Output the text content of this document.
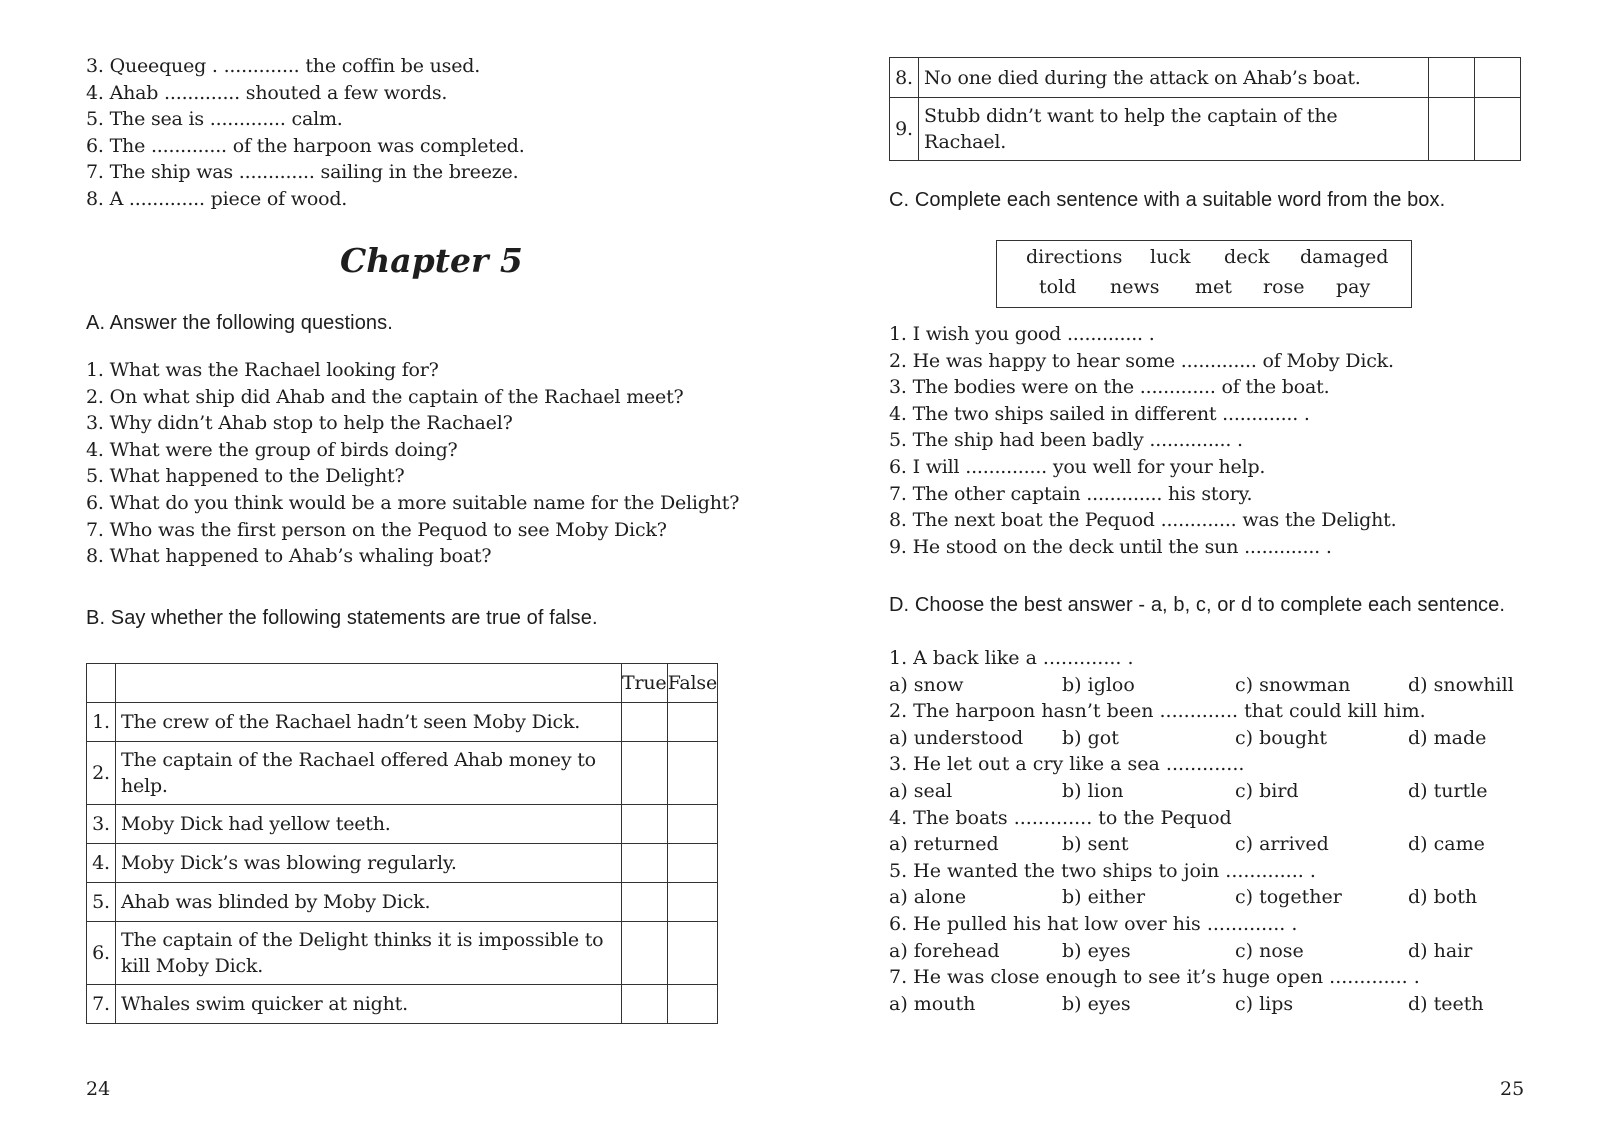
3. Queequeg . ............. the coffin be used.
4. Ahab ............. shouted a few words.
5. The sea is ............. calm.
6. The ............. of the harpoon was completed.
7. The ship was ............. sailing in the breeze.
8. A ............. piece of wood.
Chapter 5
A. Answer the following questions.
1. What was the Rachael looking for?
2. On what ship did Ahab and the captain of the Rachael meet?
3. Why didn’t Ahab stop to help the Rachael?
4. What were the group of birds doing?
5. What happened to the Delight?
6. What do you think would be a more suitable name for the Delight?
7. Who was the first person on the Pequod to see Moby Dick?
8. What happened to Ahab’s whaling boat?
B. Say whether the following statements are true of false.
		True	False
1.	The crew of the Rachael hadn’t seen Moby Dick.		
2.	The captain of the Rachael offered Ahab money to help.		
3.	Moby Dick had yellow teeth.		
4.	Moby Dick’s was blowing regularly.		
5.	Ahab was blinded by Moby Dick.		
6.	The captain of the Delight thinks it is impossible to kill Moby Dick.		
7.	Whales swim quicker at night.		
24
8.	No one died during the attack on Ahab’s boat.		
9.	Stubb didn’t want to help the captain of the Rachael.		
C. Complete each sentence with a suitable word from the box.
directions luck deck damaged
told news met rose pay
1. I wish you good ............. .
2. He was happy to hear some ............. of Moby Dick.
3. The bodies were on the ............. of the boat.
4. The two ships sailed in different ............. .
5. The ship had been badly .............. .
6. I will .............. you well for your help.
7. The other captain ............. his story.
8. The next boat the Pequod ............. was the Delight.
9. He stood on the deck until the sun ............. .
D. Choose the best answer - a, b, c, or d to complete each sentence.
1. A back like a ............. .
a) snow	b) igloo	c) snowman	d) snowhill
2. The harpoon hasn’t been ............. that could kill him.
a) understood b) got	c) bought	d) made
3. He let out a cry like a sea .............
a) seal	b) lion	c) bird	d) turtle
4. The boats ............. to the Pequod
a) returned	b) sent	c) arrived	d) came
5. He wanted the two ships to join ............. .
a) alone	b) either	c) together	d) both
6. He pulled his hat low over his ............. .
a) forehead	b) eyes	c) nose	d) hair
7. He was close enough to see it’s huge open ............. .
a) mouth	b) eyes	c) lips	d) teeth
25
